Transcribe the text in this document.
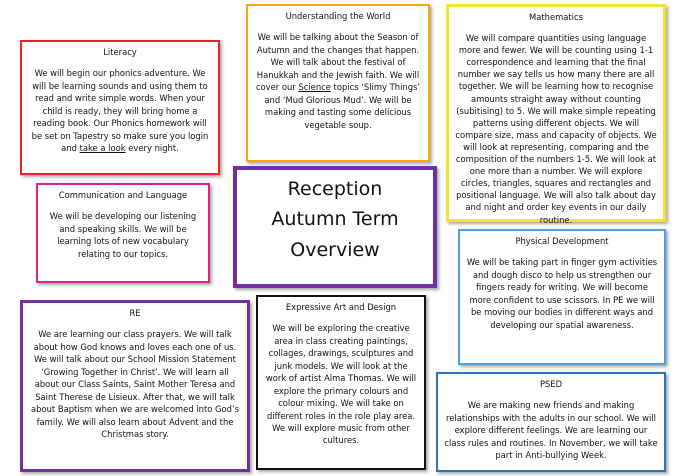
Literacy

We will begin our phonics adventure. We will be learning sounds and using them to read and write simple words. When your child is ready, they will bring home a reading book. Our Phonics homework will be set on Tapestry so make sure you login and take a look every night.

Understanding the World

We will be talking about the Season of Autumn and the changes that happen. We will talk about the festival of Hanukkah and the Jewish faith. We will cover our Science topics ‘Slimy Things’ and ‘Mud Glorious Mud’. We will be making and tasting some delicious vegetable soup.

Mathematics

We will compare quantities using language more and fewer. We will be counting using 1-1 correspondence and learning that the final number we say tells us how many there are all together. We will be learning how to recognise amounts straight away without counting (subitising) to 5. We will make simple repeating patterns using different objects. We will compare size, mass and capacity of objects. We will look at representing, comparing and the composition of the numbers 1-5. We will look at one more than a number. We will explore circles, triangles, squares and rectangles and positional language. We will also talk about day and night and order key events in our daily routine.

Communication and Language

We will be developing our listening and speaking skills. We will be learning lots of new vocabulary relating to our topics.

Reception
Autumn Term
Overview	Physical Development

We will be taking part in finger gym activities and dough disco to help us strengthen our fingers ready for writing. We will become more confident to use scissors. In PE we will be moving our bodies in different ways and developing our spatial awareness.

RE

We are learning our class prayers. We will talk about how God knows and loves each one of us. We will talk about our School Mission Statement ‘Growing Together in Christ’. We will learn all about our Class Saints, Saint Mother Teresa and Saint Therese de Lisieux. After that, we will talk about Baptism when we are welcomed into God’s family. We will also learn about Advent and the Christmas story.

Expressive Art and Design

We will be exploring the creative area in class creating paintings, collages, drawings, sculptures and junk models. We will look at the work of artist Alma Thomas. We will explore the primary colours and colour mixing. We will take on different roles in the role play area. We will explore music from other cultures.

PSED

We are making new friends and making relationships with the adults in our school. We will explore different feelings. We are learning our class rules and routines. In November, we will take part in Anti-bullying Week.
